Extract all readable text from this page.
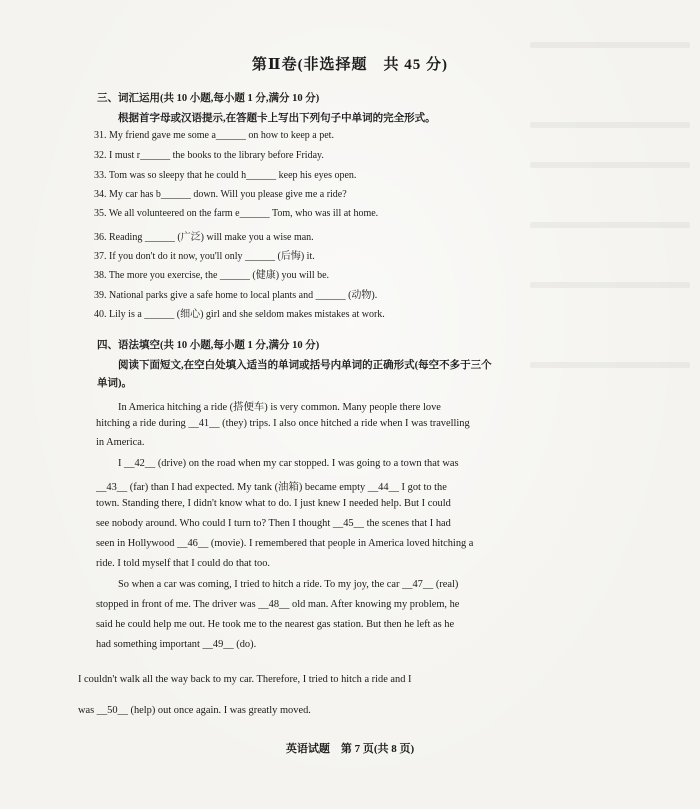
第Ⅱ卷(非选择题　共 45 分)
三、词汇运用(共 10 小题,每小题 1 分,满分 10 分)
根据首字母或汉语提示,在答题卡上写出下列句子中单词的完全形式。
31. My friend gave me some a______ on how to keep a pet.
32. I must r______ the books to the library before Friday.
33. Tom was so sleepy that he could h______ keep his eyes open.
34. My car has b______ down. Will you please give me a ride?
35. We all volunteered on the farm e______ Tom, who was ill at home.
36. Reading ______ (广泛) will make you a wise man.
37. If you don't do it now, you'll only ______ (后悔) it.
38. The more you exercise, the ______ (健康) you will be.
39. National parks give a safe home to local plants and ______ (动物).
40. Lily is a ______ (细心) girl and she seldom makes mistakes at work.
四、语法填空(共 10 小题,每小题 1 分,满分 10 分)
阅读下面短文,在空白处填入适当的单词或括号内单词的正确形式(每空不多于三个
单词)。
In America hitching a ride (搭便车) is very common. Many people there love
hitching a ride during __41__ (they) trips. I also once hitched a ride when I was travelling
in America.
I __42__ (drive) on the road when my car stopped. I was going to a town that was
__43__ (far) than I had expected. My tank (油箱) became empty __44__ I got to the
town. Standing there, I didn't know what to do. I just knew I needed help. But I could
see nobody around. Who could I turn to? Then I thought __45__ the scenes that I had
seen in Hollywood __46__ (movie). I remembered that people in America loved hitching a
ride. I told myself that I could do that too.
So when a car was coming, I tried to hitch a ride. To my joy, the car __47__ (real)
stopped in front of me. The driver was __48__ old man. After knowing my problem, he
said he could help me out. He took me to the nearest gas station. But then he left as he
had something important __49__ (do).
I couldn't walk all the way back to my car. Therefore, I tried to hitch a ride and I
was __50__ (help) out once again. I was greatly moved.
英语试题　第 7 页(共 8 页)
